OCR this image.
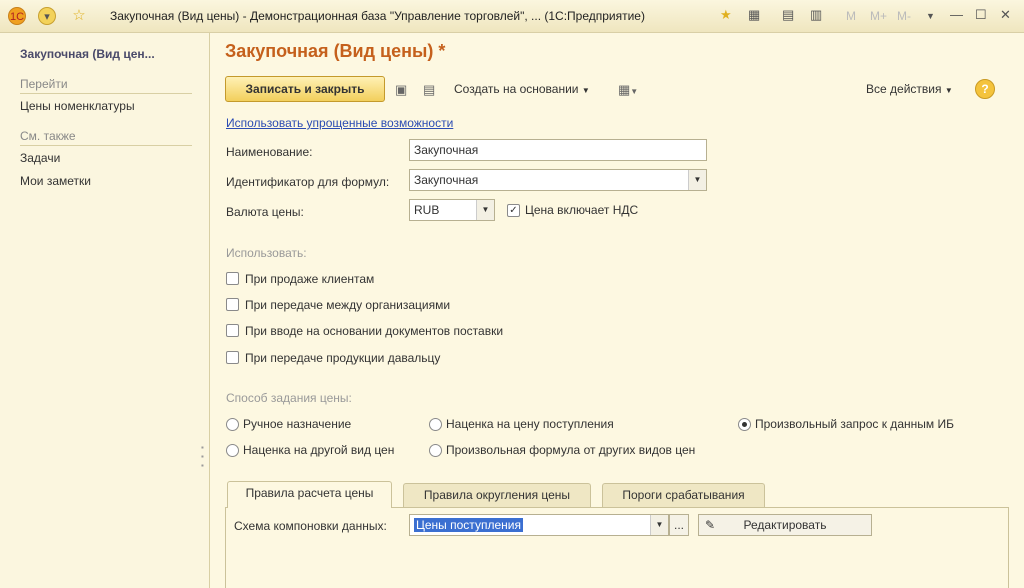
1С	▾	☆ Закупочная (Вид цены) - Демонстрационная база "Управление торговлей", ... (1С:Предприятие)	★ ▦ ▤ ▥ M M+ M- ▼ — ☐ ✕
Закупочная (Вид цен...
Перейти
Цены номенклатуры
См. также
Задачи
Мои заметки
▪
▪
▪
Закупочная (Вид цены) *
Записать и закрыть	▣ ▤ Создать на основании ▼ ▦▼	Все действия ▼	?
Использовать упрощенные возможности
Наименование:	Закупочная
Идентификатор для формул:	Закупочная	▼
Валюта цены:	RUB	▼	✓ Цена включает НДС
Использовать:
При продаже клиентам
При передаче между организациями
При вводе на основании документов поставки
При передаче продукции давальцу
Способ задания цены:
Ручное назначение	Наценка на цену поступления	Произвольный запрос к данным ИБ
Наценка на другой вид цен	Произвольная формула от других видов цен
Правила расчета цены	Правила округления цены	Пороги срабатывания
Схема компоновки данных:	Цены поступления	▼ ...	✎ Редактировать
